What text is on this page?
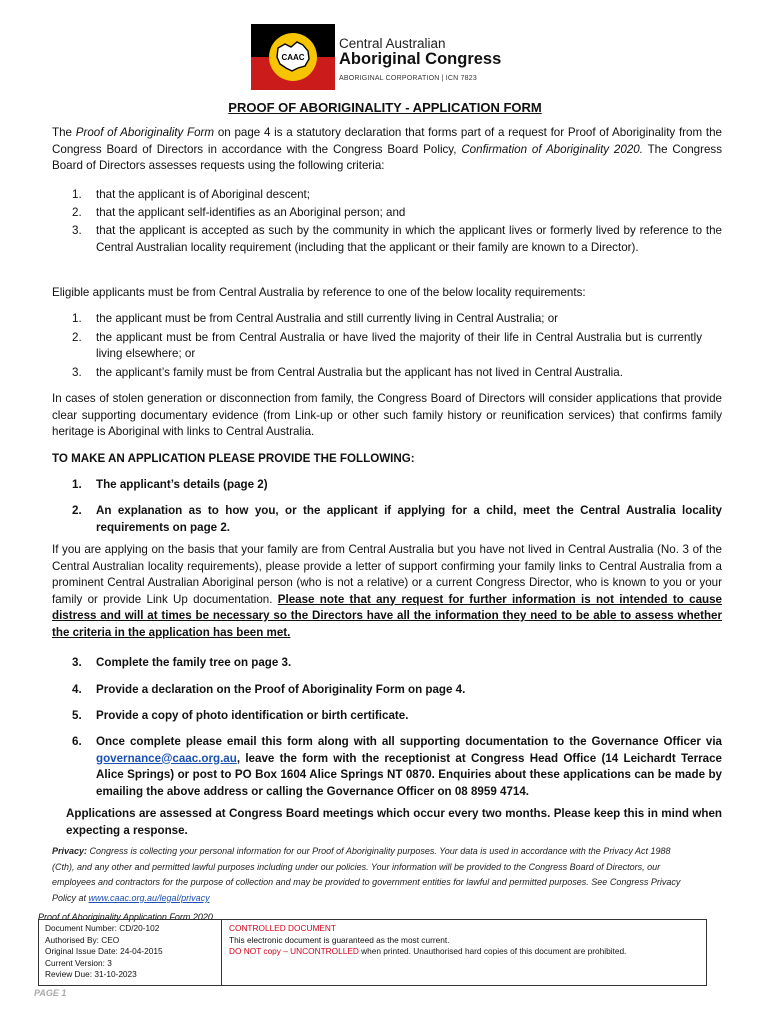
CAAC
Central Australian
Aboriginal Congress
ABORIGINAL CORPORATION | ICN 7823
PROOF OF ABORIGINALITY - APPLICATION FORM
The Proof of Aboriginality Form on page 4 is a statutory declaration that forms part of a request for Proof of Aboriginality from the Congress Board of Directors in accordance with the Congress Board Policy, Confirmation of Aboriginality 2020. The Congress Board of Directors assesses requests using the following criteria:
1. that the applicant is of Aboriginal descent;
2. that the applicant self-identifies as an Aboriginal person; and
3. that the applicant is accepted as such by the community in which the applicant lives or formerly lived by reference to the Central Australian locality requirement (including that the applicant or their family are known to a Director).
Eligible applicants must be from Central Australia by reference to one of the below locality requirements:
1. the applicant must be from Central Australia and still currently living in Central Australia; or
2. the applicant must be from Central Australia or have lived the majority of their life in Central Australia but is currently living elsewhere; or
3. the applicant’s family must be from Central Australia but the applicant has not lived in Central Australia.
In cases of stolen generation or disconnection from family, the Congress Board of Directors will consider applications that provide clear supporting documentary evidence (from Link-up or other such family history or reunification services) that confirms family heritage is Aboriginal with links to Central Australia.
TO MAKE AN APPLICATION PLEASE PROVIDE THE FOLLOWING:
1. The applicant’s details (page 2)
2. An explanation as to how you, or the applicant if applying for a child, meet the Central Australia locality requirements on page 2.
If you are applying on the basis that your family are from Central Australia but you have not lived in Central Australia (No. 3 of the Central Australian locality requirements), please provide a letter of support confirming your family links to Central Australia from a prominent Central Australian Aboriginal person (who is not a relative) or a current Congress Director, who is known to you or your family or provide Link Up documentation. Please note that any request for further information is not intended to cause distress and will at times be necessary so the Directors have all the information they need to be able to assess whether the criteria in the application has been met.
3. Complete the family tree on page 3.
4. Provide a declaration on the Proof of Aboriginality Form on page 4.
5. Provide a copy of photo identification or birth certificate.
6. Once complete please email this form along with all supporting documentation to the Governance Officer via governance@caac.org.au, leave the form with the receptionist at Congress Head Office (14 Leichardt Terrace Alice Springs) or post to PO Box 1604 Alice Springs NT 0870. Enquiries about these applications can be made by emailing the above address or calling the Governance Officer on 08 8959 4714.
Applications are assessed at Congress Board meetings which occur every two months. Please keep this in mind when expecting a response.
Privacy: Congress is collecting your personal information for our Proof of Aboriginality purposes. Your data is used in accordance with the Privacy Act 1988 (Cth), and any other and permitted lawful purposes including under our policies. Your information will be provided to the Congress Board of Directors, our employees and contractors for the purpose of collection and may be provided to government entities for lawful and permitted purposes. See Congress Privacy Policy at www.caac.org.au/legal/privacy
Proof of Aboriginality Application Form 2020
Document Number: CD/20-102
Authorised By: CEO
Original Issue Date: 24-04-2015
Current Version: 3
Review Due: 31-10-2023
CONTROLLED DOCUMENT
This electronic document is guaranteed as the most current.
DO NOT copy – UNCONTROLLED when printed. Unauthorised hard copies of this document are prohibited.
PAGE 1
